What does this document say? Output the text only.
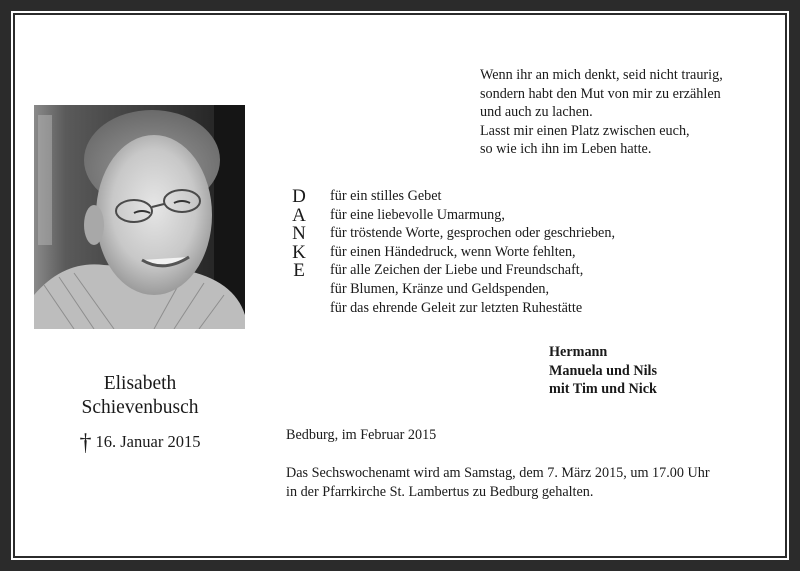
Wenn ihr an mich denkt, seid nicht traurig,
sondern habt den Mut von mir zu erzählen
und auch zu lachen.
Lasst mir einen Platz zwischen euch,
so wie ich ihn im Leben hatte.
D
A
N
K
E
für ein stilles Gebet
für eine liebevolle Umarmung,
für tröstende Worte, gesprochen oder geschrieben,
für einen Händedruck, wenn Worte fehlten,
für alle Zeichen der Liebe und Freundschaft,
für Blumen, Kränze und Geldspenden,
für das ehrende Geleit zur letzten Ruhestätte
Hermann
Manuela und Nils
mit Tim und Nick
Elisabeth
Schievenbusch
† 16. Januar 2015	Bedburg, im Februar 2015
Das Sechswochenamt wird am Samstag, dem 7. März 2015, um 17.00 Uhr
in der Pfarrkirche St. Lambertus zu Bedburg gehalten.
